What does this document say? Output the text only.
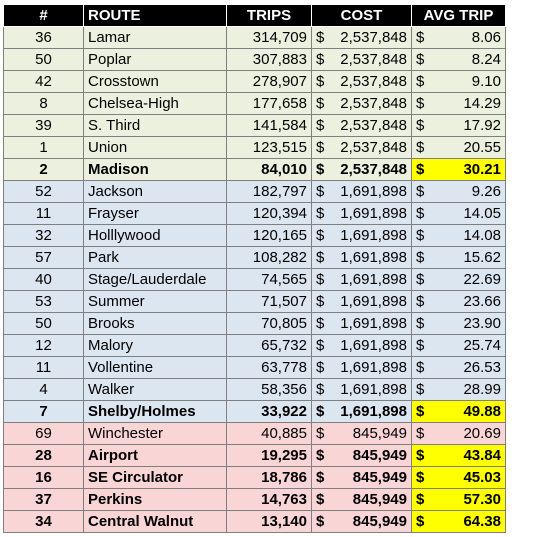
#	ROUTE	TRIPS	COST		AVG TRIP	
36	Lamar	314,709	$	2,537,848	$	8.06
50	Poplar	307,883	$	2,537,848	$	8.24
42	Crosstown	278,907	$	2,537,848	$	9.10
8	Chelsea-High	177,658	$	2,537,848	$	14.29
39	S. Third	141,584	$	2,537,848	$	17.92
1	Union	123,515	$	2,537,848	$	20.55
2	Madison	84,010	$	2,537,848	$	30.21
52	Jackson	182,797	$	1,691,898	$	9.26
11	Frayser	120,394	$	1,691,898	$	14.05
32	Holllywood	120,165	$	1,691,898	$	14.08
57	Park	108,282	$	1,691,898	$	15.62
40	Stage/Lauderdale	74,565	$	1,691,898	$	22.69
53	Summer	71,507	$	1,691,898	$	23.66
50	Brooks	70,805	$	1,691,898	$	23.90
12	Malory	65,732	$	1,691,898	$	25.74
11	Vollentine	63,778	$	1,691,898	$	26.53
4	Walker	58,356	$	1,691,898	$	28.99
7	Shelby/Holmes	33,922	$	1,691,898	$	49.88
69	Winchester	40,885	$	845,949	$	20.69
28	Airport	19,295	$	845,949	$	43.84
16	SE Circulator	18,786	$	845,949	$	45.03
37	Perkins	14,763	$	845,949	$	57.30
34	Central Walnut	13,140	$	845,949	$	64.38
